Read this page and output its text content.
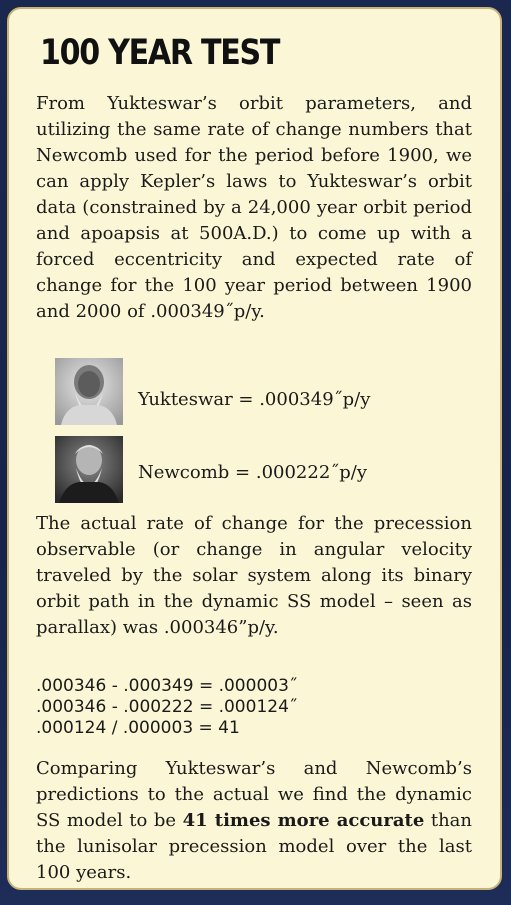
100 YEAR TEST

From Yukteswar’s orbit parameters, and utilizing the same rate of change numbers that Newcomb used for the period before 1900, we can apply Kepler’s laws to Yukteswar’s orbit data (constrained by a 24,000 year orbit period and apoapsis at 500A.D.) to come up with a forced eccentricity and expected rate of change for the 100 year period between 1900 and 2000 of .000349˝p/y.

Yukteswar = .000349˝p/y
Newcomb = .000222˝p/y

The actual rate of change for the precession observable (or change in angular velocity traveled by the solar system along its binary orbit path in the dynamic SS model – seen as parallax) was .000346”p/y.

.000346 - .000349 = .000003˝
.000346 - .000222 = .000124˝
.000124 / .000003 = 41

Comparing Yukteswar’s and Newcomb’s predictions to the actual we find the dynamic SS model to be 41 times more accurate than the lunisolar precession model over the last 100 years.
